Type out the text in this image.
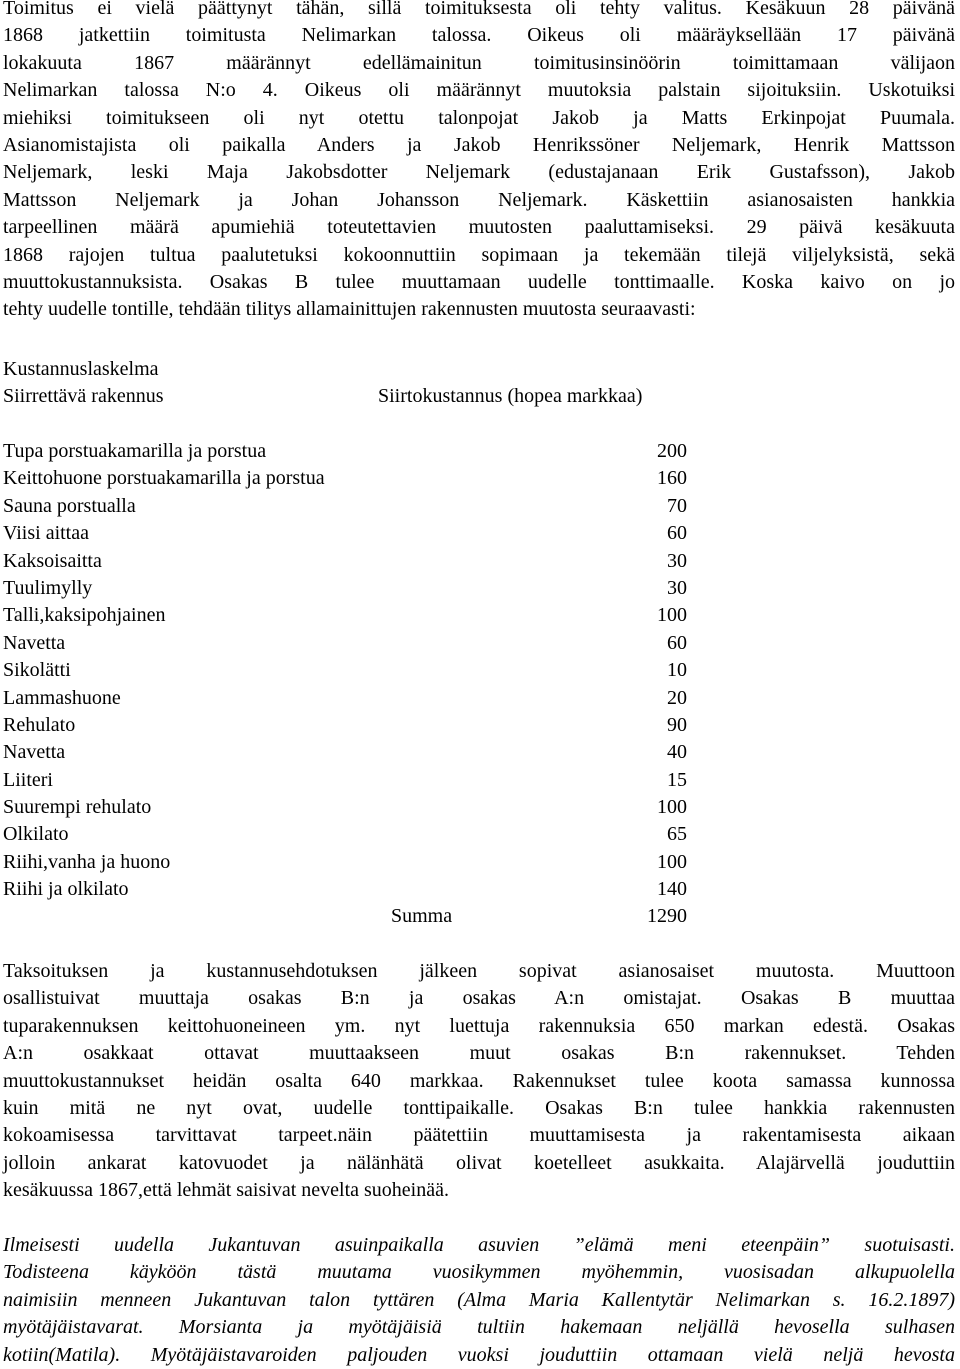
Toimitus ei vielä päättynyt tähän, sillä toimituksesta oli tehty valitus. Kesäkuun 28 päivänä
1868 jatkettiin toimitusta Nelimarkan talossa. Oikeus oli määräyksellään 17 päivänä
lokakuuta 1867 määrännyt edellämainitun toimitusinsinöörin toimittamaan välijaon
Nelimarkan talossa N:o 4. Oikeus oli määrännyt muutoksia palstain sijoituksiin. Uskotuiksi
miehiksi toimitukseen oli nyt otettu talonpojat Jakob ja Matts Erkinpojat Puumala.
Asianomistajista oli paikalla Anders ja Jakob Henrikssöner Neljemark, Henrik Mattsson
Neljemark, leski Maja Jakobsdotter Neljemark (edustajanaan Erik Gustafsson), Jakob
Mattsson Neljemark ja Johan Johansson Neljemark. Käskettiin asianosaisten hankkia
tarpeellinen määrä apumiehiä toteutettavien muutosten paaluttamiseksi. 29 päivä kesäkuuta
1868 rajojen tultua paalutetuksi kokoonnuttiin sopimaan ja tekemään tilejä viljelyksistä, sekä
muuttokustannuksista. Osakas B tulee muuttamaan uudelle tonttimaalle. Koska kaivo on jo
tehty uudelle tontille, tehdään tilitys allamainittujen rakennusten muutosta seuraavasti:

Kustannuslaskelma
Siirrettävä rakennus	Siirtokustannus (hopea markkaa)
Tupa porstuakamarilla ja porstua	200
Keittohuone porstuakamarilla ja porstua	160
Sauna porstualla	70
Viisi aittaa	60
Kaksoisaitta	30
Tuulimylly	30
Talli,kaksipohjainen	100
Navetta	60
Sikolätti	10
Lammashuone	20
Rehulato	90
Navetta	40
Liiteri	15
Suurempi rehulato	100
Olkilato	65
Riihi,vanha ja huono	100
Riihi ja olkilato	140
Summa	1290

Taksoituksen ja kustannusehdotuksen jälkeen sopivat asianosaiset muutosta. Muuttoon
osallistuivat muuttaja osakas B:n ja osakas A:n omistajat. Osakas B muuttaa
tuparakennuksen keittohuoneineen ym. nyt luettuja rakennuksia 650 markan edestä. Osakas
A:n osakkaat ottavat muuttaakseen muut osakas B:n rakennukset. Tehden
muuttokustannukset heidän osalta 640 markkaa. Rakennukset tulee koota samassa kunnossa
kuin mitä ne nyt ovat, uudelle tonttipaikalle. Osakas B:n tulee hankkia rakennusten
kokoamisessa tarvittavat tarpeet.näin päätettiin muuttamisesta ja rakentamisesta aikaan
jolloin ankarat katovuodet ja nälänhätä olivat koetelleet asukkaita. Alajärvellä jouduttiin
kesäkuussa 1867,että lehmät saisivat nevelta suoheinää.

Ilmeisesti uudella Jukantuvan asuinpaikalla asuvien ”elämä meni eteenpäin” suotuisasti.
Todisteena käyköön tästä muutama vuosikymmen myöhemmin, vuosisadan alkupuolella
naimisiin menneen Jukantuvan talon tyttären (Alma Maria Kallentytär Nelimarkan s. 16.2.1897)
myötäjäistavarat. Morsianta ja myötäjäisiä tultiin hakemaan neljällä hevosella sulhasen
kotiin(Matila). Myötäjäistavaroiden paljouden vuoksi jouduttiin ottamaan vielä neljä hevosta
